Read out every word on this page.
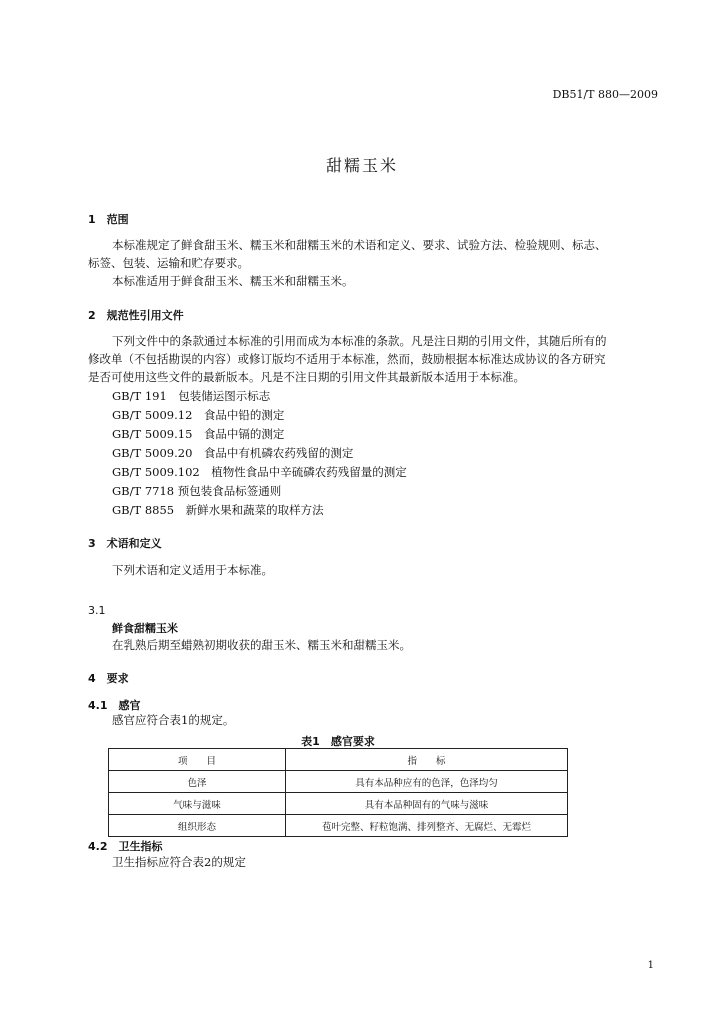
DB51/T 880—2009
甜糯玉米
1　范围
本标准规定了鲜食甜玉米、糯玉米和甜糯玉米的术语和定义、要求、试验方法、检验规则、标志、
标签、包装、运输和贮存要求。
本标准适用于鲜食甜玉米、糯玉米和甜糯玉米。
2　规范性引用文件
下列文件中的条款通过本标准的引用而成为本标准的条款。凡是注日期的引用文件，其随后所有的
修改单（不包括勘误的内容）或修订版均不适用于本标准，然而，鼓励根据本标准达成协议的各方研究
是否可使用这些文件的最新版本。凡是不注日期的引用文件其最新版本适用于本标准。
GB/T 191　包装储运图示标志
GB/T 5009.12　食品中铅的测定
GB/T 5009.15　食品中镉的测定
GB/T 5009.20　食品中有机磷农药残留的测定
GB/T 5009.102　植物性食品中辛硫磷农药残留量的测定
GB/T 7718 预包装食品标签通则
GB/T 8855　新鲜水果和蔬菜的取样方法
3　术语和定义
下列术语和定义适用于本标准。
3.1
鲜食甜糯玉米
在乳熟后期至蜡熟初期收获的甜玉米、糯玉米和甜糯玉米。
4　要求
4.1　感官
感官应符合表1的规定。
表1　感官要求
项　　目	指　　标
色泽	具有本品种应有的色泽，色泽均匀
气味与滋味	具有本品种固有的气味与滋味
组织形态	苞叶完整、籽粒饱满、排列整齐、无腐烂、无霉烂
4.2　卫生指标
卫生指标应符合表2的规定
1
